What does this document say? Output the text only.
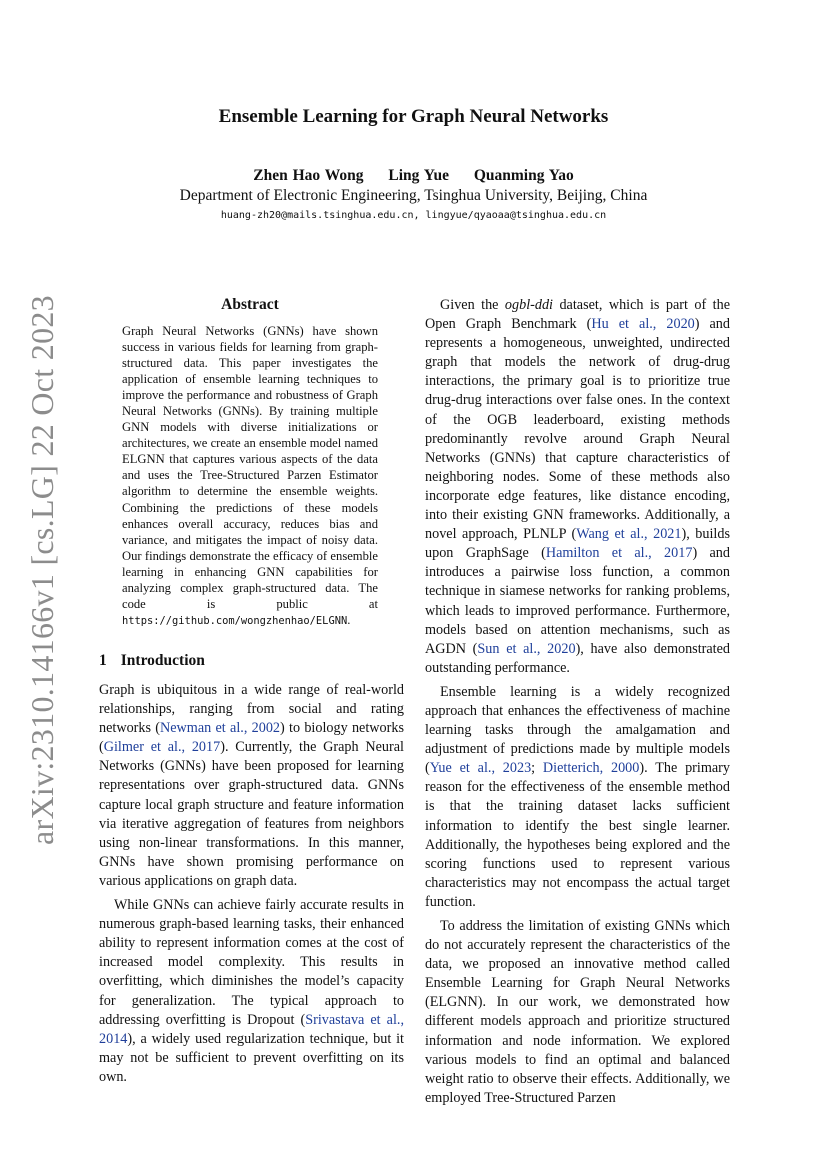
arXiv:2310.14166v1 [cs.LG] 22 Oct 2023
Ensemble Learning for Graph Neural Networks
Zhen Hao Wong Ling Yue Quanming Yao
Department of Electronic Engineering, Tsinghua University, Beijing, China
huang-zh20@mails.tsinghua.edu.cn, lingyue/qyaoaa@tsinghua.edu.cn
Abstract
Graph Neural Networks (GNNs) have shown success in various fields for learning from graph-structured data. This paper investigates the application of ensemble learning techniques to improve the performance and robustness of Graph Neural Networks (GNNs). By training multiple GNN models with diverse initializations or architectures, we create an ensemble model named ELGNN that captures various aspects of the data and uses the Tree-Structured Parzen Estimator algorithm to determine the ensemble weights. Combining the predictions of these models enhances overall accuracy, reduces bias and variance, and mitigates the impact of noisy data. Our findings demonstrate the efficacy of ensemble learning in enhancing GNN capabilities for analyzing complex graph-structured data. The code is public at https://github.com/wongzhenhao/ELGNN.
1 Introduction

Graph is ubiquitous in a wide range of real-world relationships, ranging from social and rating networks (Newman et al., 2002) to biology networks (Gilmer et al., 2017). Currently, the Graph Neural Networks (GNNs) have been proposed for learning representations over graph-structured data. GNNs capture local graph structure and feature information via iterative aggregation of features from neighbors using non-linear transformations. In this manner, GNNs have shown promising performance on various applications on graph data.

While GNNs can achieve fairly accurate results in numerous graph-based learning tasks, their enhanced ability to represent information comes at the cost of increased model complexity. This results in overfitting, which diminishes the model’s capacity for generalization. The typical approach to addressing overfitting is Dropout (Srivastava et al., 2014), a widely used regularization technique, but it may not be sufficient to prevent overfitting on its own.

Given the ogbl-ddi dataset, which is part of the Open Graph Benchmark (Hu et al., 2020) and represents a homogeneous, unweighted, undirected graph that models the network of drug-drug interactions, the primary goal is to prioritize true drug-drug interactions over false ones. In the context of the OGB leaderboard, existing methods predominantly revolve around Graph Neural Networks (GNNs) that capture characteristics of neighboring nodes. Some of these methods also incorporate edge features, like distance encoding, into their existing GNN frameworks. Additionally, a novel approach, PLNLP (Wang et al., 2021), builds upon GraphSage (Hamilton et al., 2017) and introduces a pairwise loss function, a common technique in siamese networks for ranking problems, which leads to improved performance. Furthermore, models based on attention mechanisms, such as AGDN (Sun et al., 2020), have also demonstrated outstanding performance.

Ensemble learning is a widely recognized approach that enhances the effectiveness of machine learning tasks through the amalgamation and adjustment of predictions made by multiple models (Yue et al., 2023; Dietterich, 2000). The primary reason for the effectiveness of the ensemble method is that the training dataset lacks sufficient information to identify the best single learner. Additionally, the hypotheses being explored and the scoring functions used to represent various characteristics may not encompass the actual target function.

To address the limitation of existing GNNs which do not accurately represent the characteristics of the data, we proposed an innovative method called Ensemble Learning for Graph Neural Networks (ELGNN). In our work, we demonstrated how different models approach and prioritize structured information and node information. We explored various models to find an optimal and balanced weight ratio to observe their effects. Additionally, we employed Tree-Structured Parzen
